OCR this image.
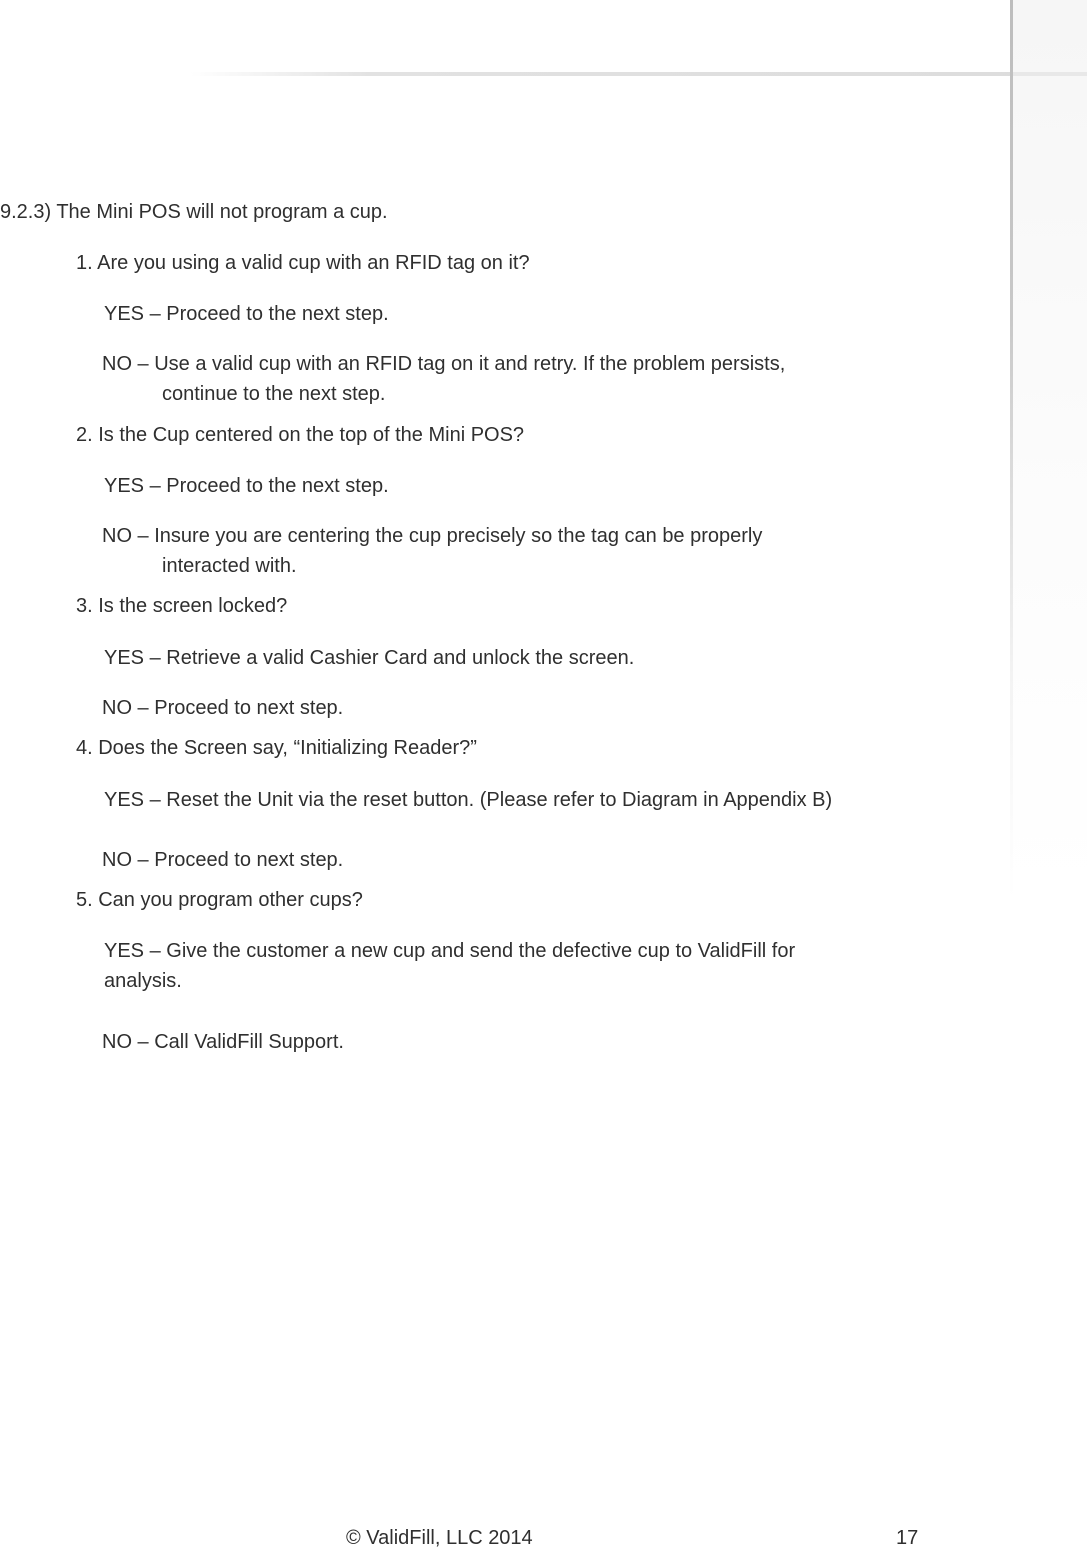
9.2.3) The Mini POS will not program a cup.

1. Are you using a valid cup with an RFID tag on it?

YES – Proceed to the next step.

NO – Use a valid cup with an RFID tag on it and retry. If the problem persists,

continue to the next step.

2. Is the Cup centered on the top of the Mini POS?

YES – Proceed to the next step.

NO – Insure you are centering the cup precisely so the tag can be properly

interacted with.

3. Is the screen locked?

YES – Retrieve a valid Cashier Card and unlock the screen.

NO – Proceed to next step.

4. Does the Screen say, “Initializing Reader?”

YES – Reset the Unit via the reset button. (Please refer to Diagram in Appendix B)

NO – Proceed to next step.

5. Can you program other cups?

YES – Give the customer a new cup and send the defective cup to ValidFill for

analysis.

NO – Call ValidFill Support.

© ValidFill, LLC 2014	17
